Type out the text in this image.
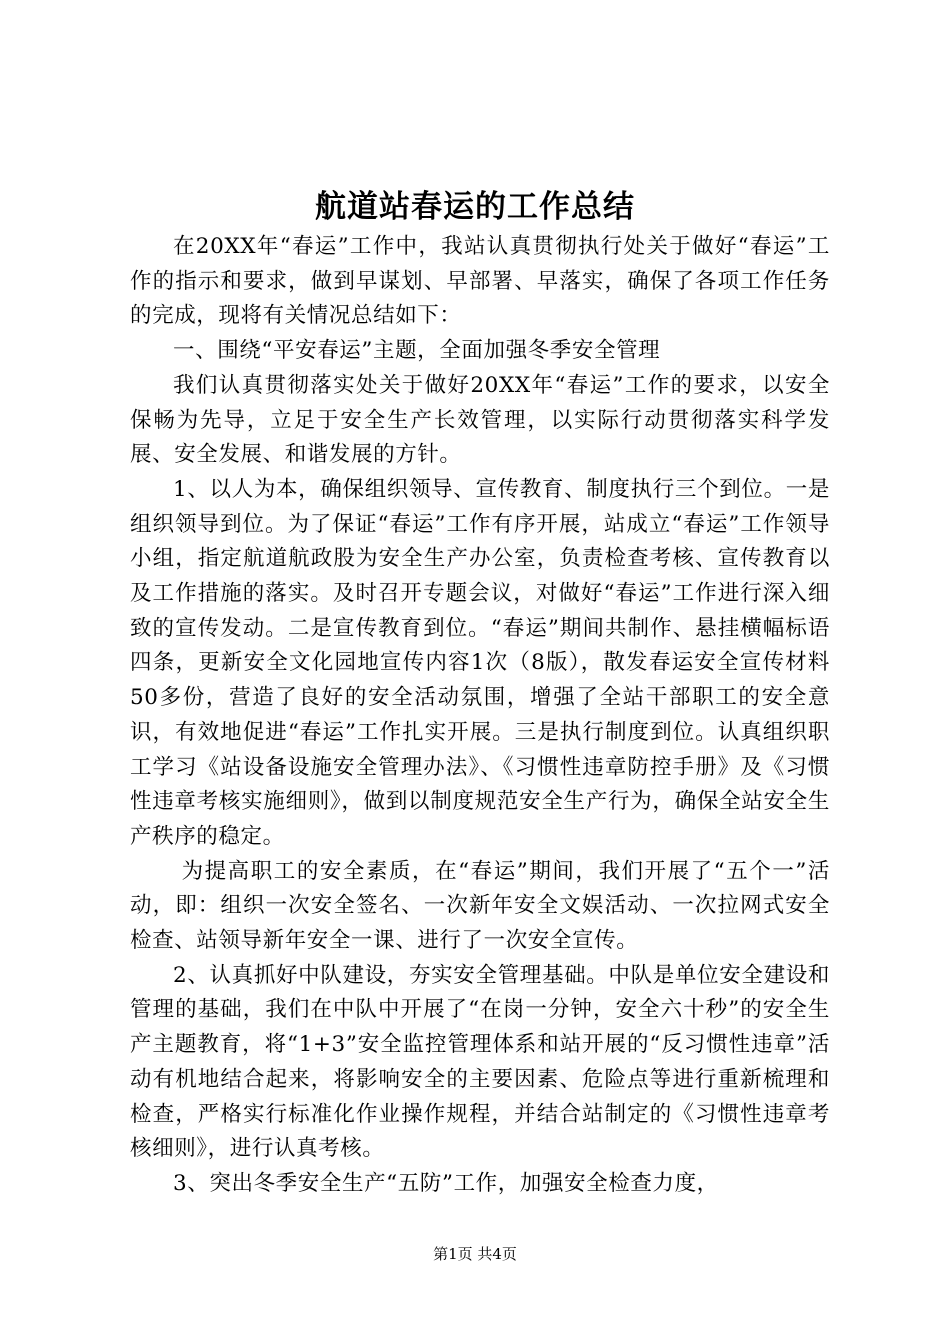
航道站春运的工作总结

在20XX年“春运”工作中，我站认真贯彻执行处关于做好“春运”工作的指示和要求，做到早谋划、早部署、早落实，确保了各项工作任务的完成，现将有关情况总结如下：

一、围绕“平安春运”主题，全面加强冬季安全管理

我们认真贯彻落实处关于做好20XX年“春运”工作的要求，以安全保畅为先导，立足于安全生产长效管理，以实际行动贯彻落实科学发展、安全发展、和谐发展的方针。

1、以人为本，确保组织领导、宣传教育、制度执行三个到位。一是组织领导到位。为了保证“春运”工作有序开展，站成立“春运”工作领导小组，指定航道航政股为安全生产办公室，负责检查考核、宣传教育以及工作措施的落实。及时召开专题会议，对做好“春运”工作进行深入细致的宣传发动。二是宣传教育到位。“春运”期间共制作、悬挂横幅标语四条，更新安全文化园地宣传内容1次（8版），散发春运安全宣传材料50多份，营造了良好的安全活动氛围，增强了全站干部职工的安全意识，有效地促进“春运”工作扎实开展。三是执行制度到位。认真组织职工学习《站设备设施安全管理办法》、《习惯性违章防控手册》及《习惯性违章考核实施细则》，做到以制度规范安全生产行为，确保全站安全生产秩序的稳定。

为提高职工的安全素质，在“春运”期间，我们开展了“五个一”活动，即：组织一次安全签名、一次新年安全文娱活动、一次拉网式安全检查、站领导新年安全一课、进行了一次安全宣传。

2、认真抓好中队建设，夯实安全管理基础。中队是单位安全建设和管理的基础，我们在中队中开展了“在岗一分钟，安全六十秒”的安全生产主题教育，将“1+3”安全监控管理体系和站开展的“反习惯性违章”活动有机地结合起来，将影响安全的主要因素、危险点等进行重新梳理和检查，严格实行标准化作业操作规程，并结合站制定的《习惯性违章考核细则》，进行认真考核。

3、突出冬季安全生产“五防”工作，加强安全检查力度，

第1页 共4页
